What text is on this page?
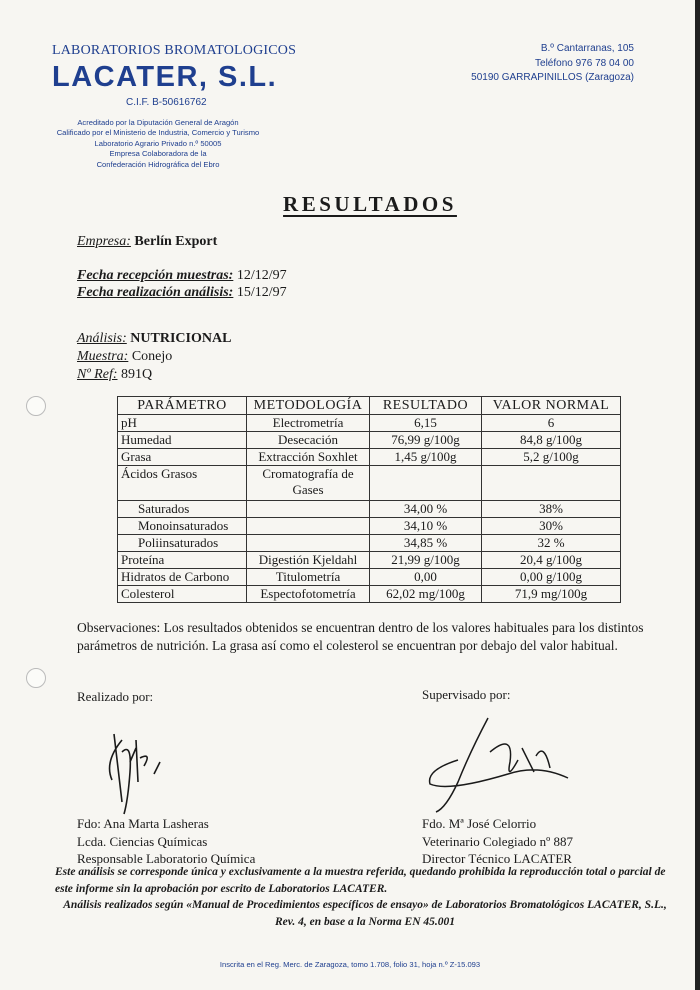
LABORATORIOS BROMATOLOGICOS
LACATER, S.L.
C.I.F. B-50616762
Acreditado por la Diputación General de Aragón
Calificado por el Ministerio de Industria, Comercio y Turismo
Laboratorio Agrario Privado n.º 50005
Empresa Colaboradora de la
Confederación Hidrográfica del Ebro
B.º Cantarranas, 105
Teléfono 976 78 04 00
50190 GARRAPINILLOS (Zaragoza)
RESULTADOS
Empresa: Berlín Export
Fecha recepción muestras: 12/12/97
Fecha realización análisis: 15/12/97
Análisis: NUTRICIONAL
Muestra: Conejo
Nº Ref: 891Q
PARÁMETRO	METODOLOGÍA	RESULTADO	VALOR NORMAL
pH	Electrometría	6,15	6
Humedad	Desecación	76,99 g/100g	84,8 g/100g
Grasa	Extracción Soxhlet	1,45 g/100g	5,2 g/100g
Ácidos Grasos	Cromatografía de Gases		
Saturados		34,00 %	38%
Monoinsaturados		34,10 %	30%
Poliinsaturados		34,85 %	32 %
Proteína	Digestión Kjeldahl	21,99 g/100g	20,4 g/100g
Hidratos de Carbono	Titulometría	0,00	0,00 g/100g
Colesterol	Espectofotometría	62,02 mg/100g	71,9 mg/100g
Observaciones: Los resultados obtenidos se encuentran dentro de los valores habituales para los distintos parámetros de nutrición. La grasa así como el colesterol se encuentran por debajo del valor habitual.
Realizado por:
Fdo: Ana Marta Lasheras
Lcda. Ciencias Químicas
Responsable Laboratorio Química
Supervisado por:
Fdo. Mª José Celorrio
Veterinario Colegiado nº 887
Director Técnico LACATER
Este análisis se corresponde única y exclusivamente a la muestra referida, quedando prohibida la reproducción total o parcial de este informe sin la aprobación por escrito de Laboratorios LACATER.
Análisis realizados según «Manual de Procedimientos específicos de ensayo» de Laboratorios Bromatológicos LACATER, S.L., Rev. 4, en base a la Norma EN 45.001
Inscrita en el Reg. Merc. de Zaragoza, tomo 1.708, folio 31, hoja n.º Z-15.093
